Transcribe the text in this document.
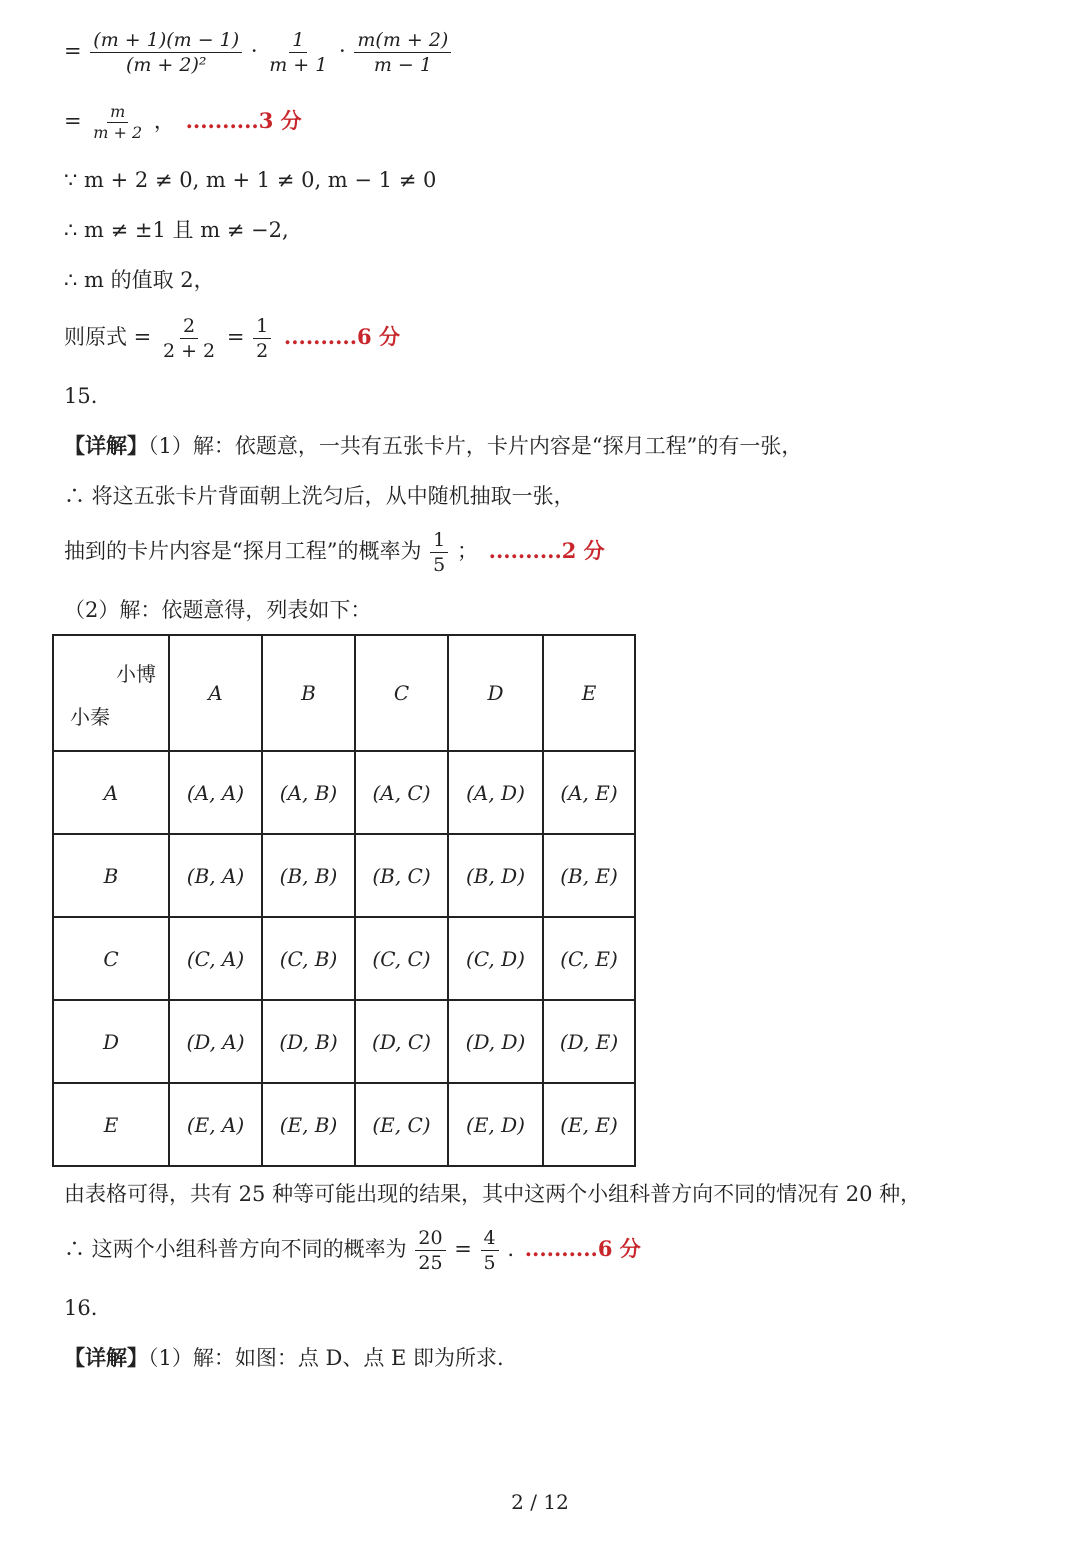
= $\frac{(m + 1)(m - 1)}{\text{(m + 2)²}} \cdot \frac{1}{m + 1} \cdot \frac{m(m + 2)}{m - 1}$
= $\frac{m}{m + 2}$ ， ..........3 分
∵ m + 2 ≠ 0, m + 1 ≠ 0, m − 1 ≠ 0
∴ m ≠ ±1 且 m ≠ −2,
∴ m 的值取 2，
则原式 = $\frac{2}{2 + 2} = \frac{1}{2} ..........6$ 分
15.
【详解】（1）解：依题意，一共有五张卡片，卡片内容是“探月工程”的有一张，
∴ 将这五张卡片背面朝上洗匀后，从中随机抽取一张，
抽到的卡片内容是“探月工程”的概率为 $\frac{1}{5}$ ； ..........2 分
（2）解：依题意得，列表如下：
小博
小秦	A	B	C	D	E
A	(A, A)	(A, B)	(A, C)	(A, D)	(A, E)
B	(B, A)	(B, B)	(B, C)	(B, D)	(B, E)
C	(C, A)	(C, B)	(C, C)	(C, D)	(C, E)
D	(D, A)	(D, B)	(D, C)	(D, D)	(D, E)
E	(E, A)	(E, B)	(E, C)	(E, D)	(E, E)
由表格可得，共有 25 种等可能出现的结果，其中这两个小组科普方向不同的情况有 20 种，
∴ 这两个小组科普方向不同的概率为 $\frac{20}{25} = \frac{4}{5}$ . ..........6 分
16.
【详解】（1）解：如图：点 D、点 E 即为所求.
2 / 12
